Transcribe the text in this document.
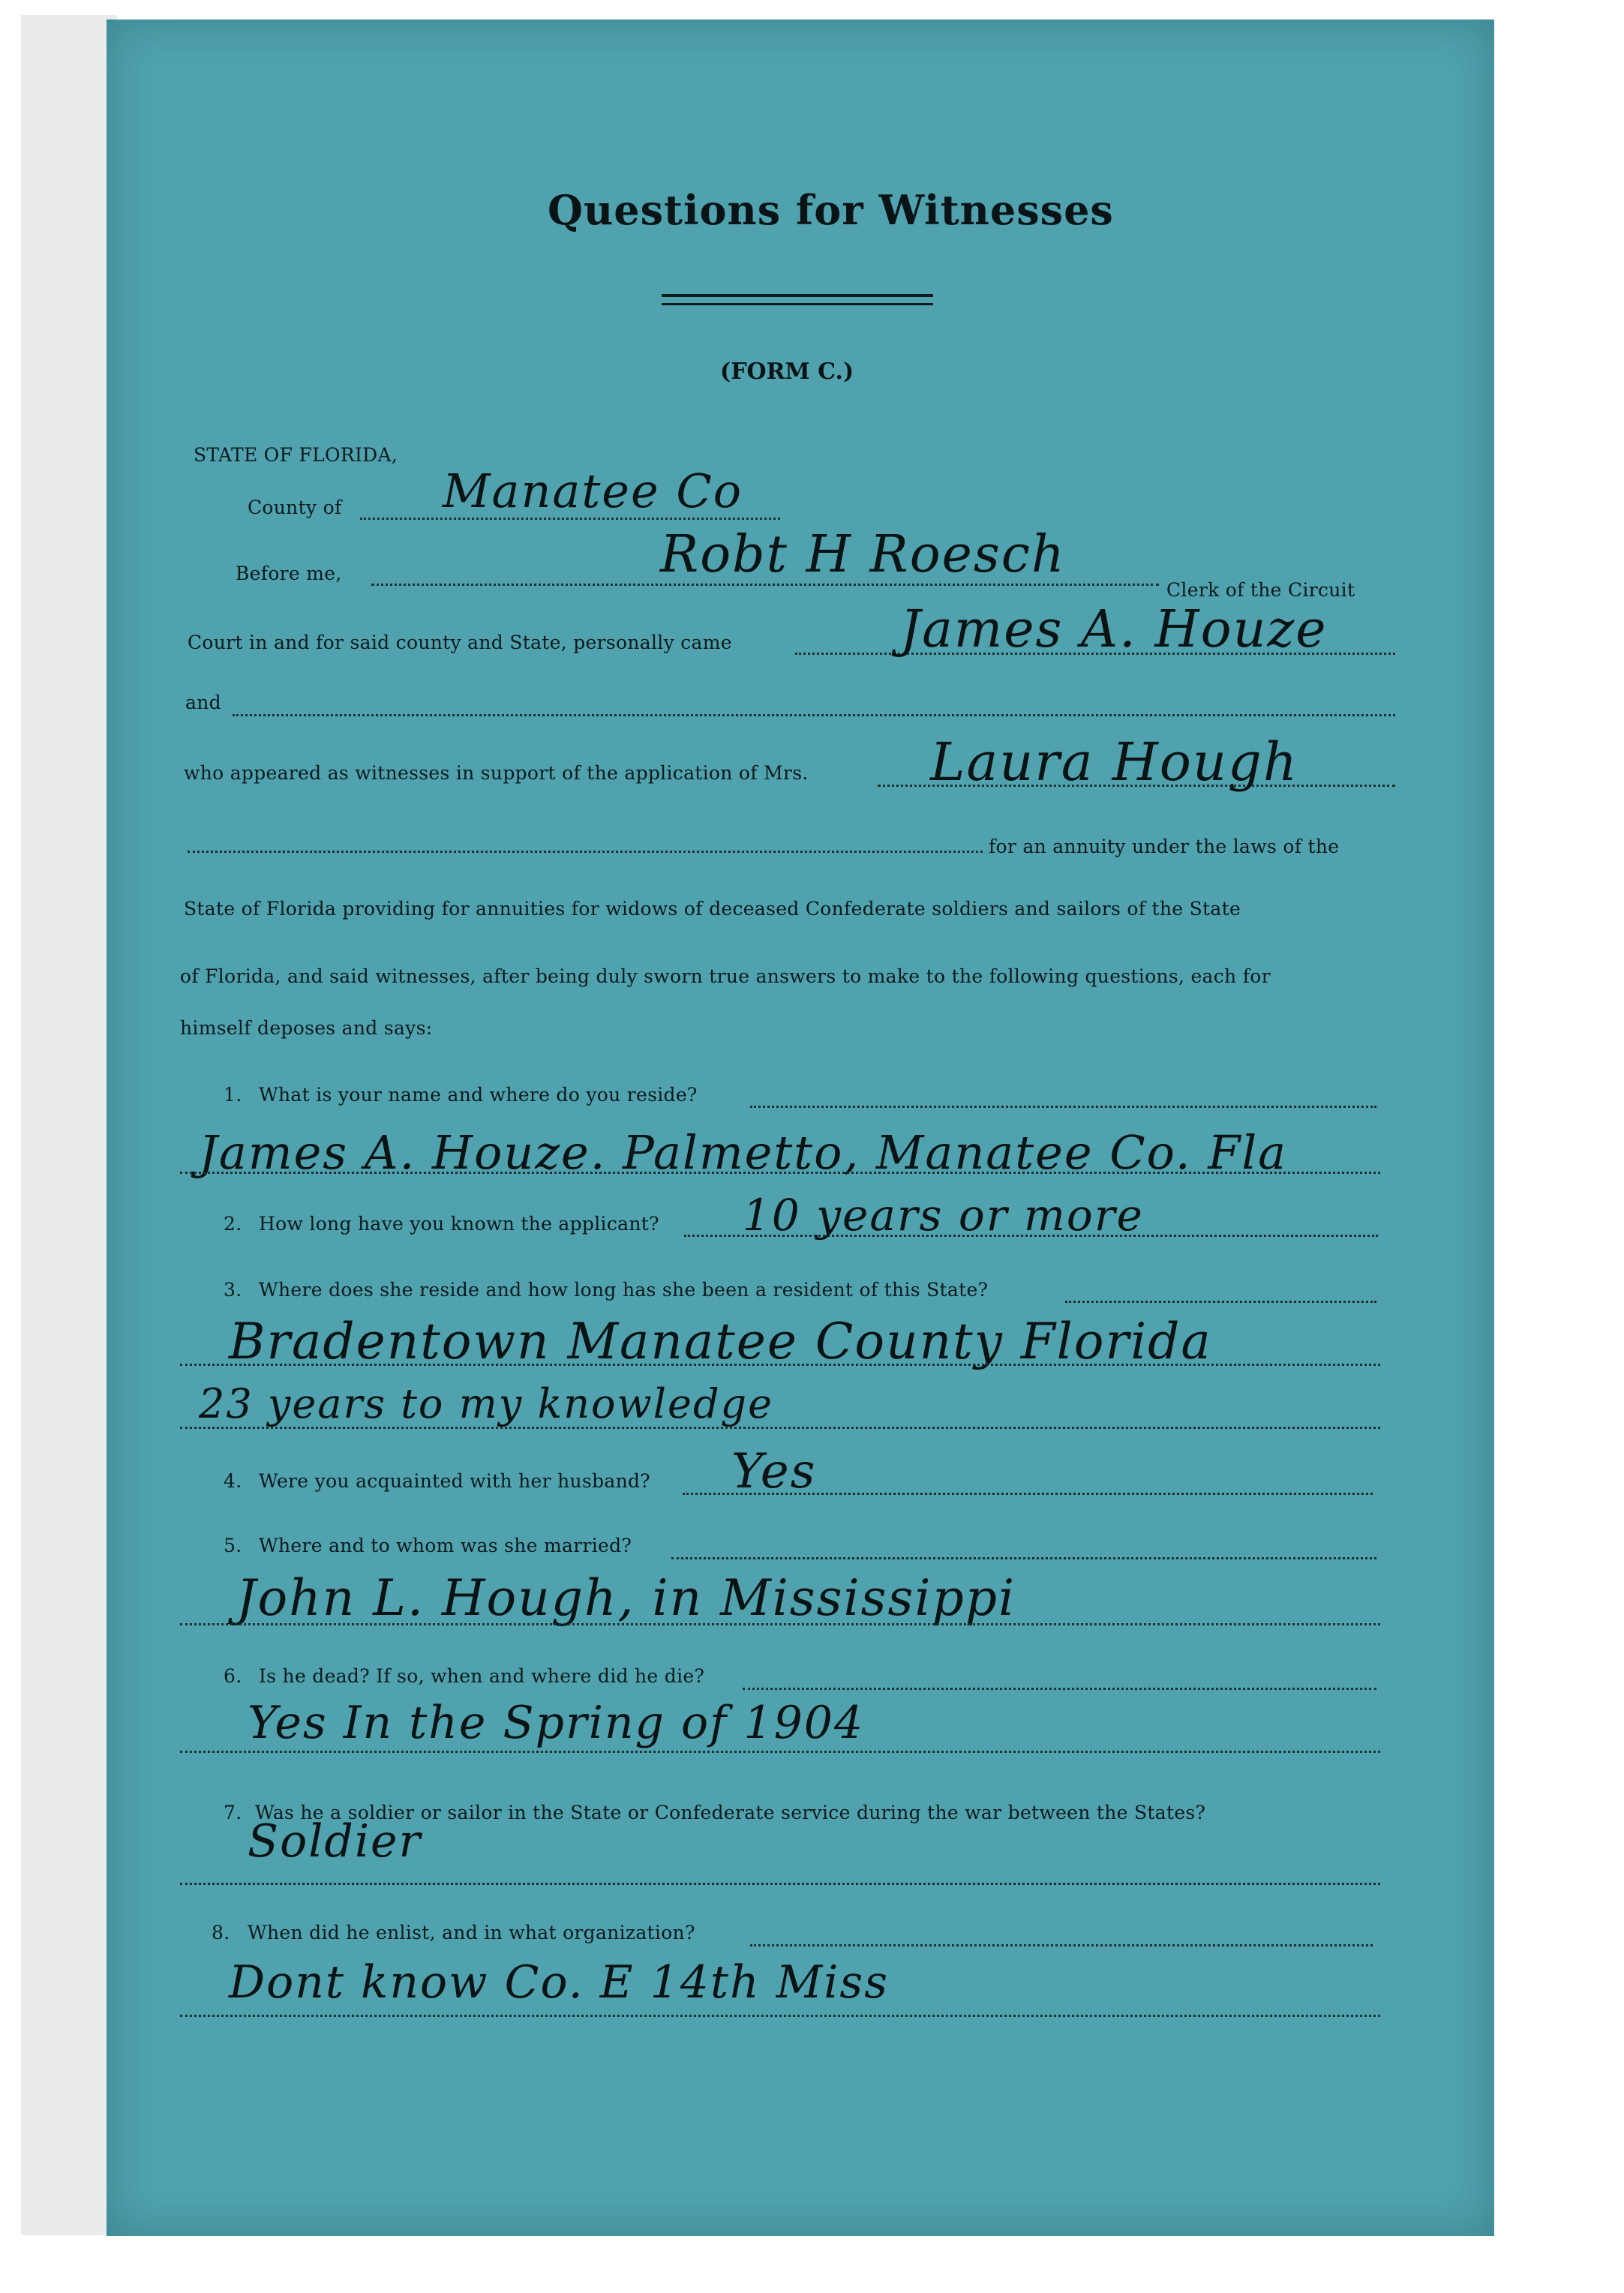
Questions for Witnesses
(FORM C.)
STATE OF FLORIDA,
County of Manatee Co
Before me,	Robt H Roesch
Clerk of the Circuit
Court in and for said county and State, personally came	James A. Houze
and
who appeared as witnesses in support of the application of Mrs. Laura Hough
for an annuity under the laws of the
State of Florida providing for annuities for widows of deceased Confederate soldiers and sailors of the State
of Florida, and said witnesses, after being duly sworn true answers to make to the following questions, each for
himself deposes and says:
1. What is your name and where do you reside?
James A. Houze. Palmetto, Manatee Co. Fla
2. How long have you known the applicant? 10 years or more
3. Where does she reside and how long has she been a resident of this State?
Bradentown Manatee County Florida
23 years to my knowledge
4. Were you acquainted with her husband? Yes
5. Where and to whom was she married?
John L. Hough, in Mississippi
6. Is he dead? If so, when and where did he die?
Yes In the Spring of 1904
7. Was he a soldier or sailor in the State or Confederate service during the war between the States?
Soldier
8. When did he enlist, and in what organization?
Dont know Co. E 14th Miss
